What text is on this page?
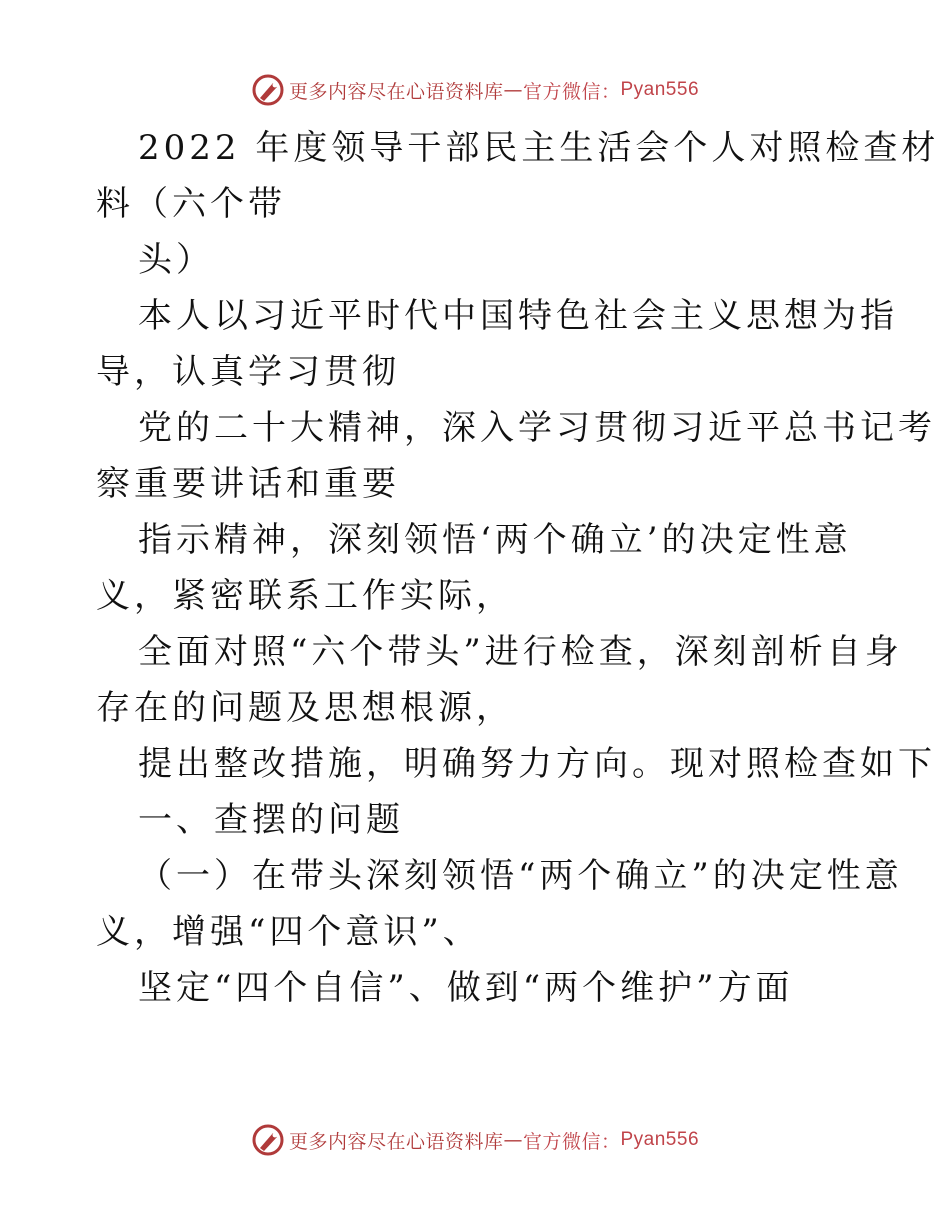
更多内容尽在心语资料库 — 官方微信： Pyan556
2022 年度领导干部民主生活会个人对照检查材
料（六个带
头）
本人以习近平时代中国特色社会主义思想为指
导，认真学习贯彻
党的二十大精神，深入学习贯彻习近平总书记考
察重要讲话和重要
指示精神，深刻领悟‘两个确立’的决定性意
义，紧密联系工作实际，
全面对照“六个带头”进行检查，深刻剖析自身
存在的问题及思想根源，
提出整改措施，明确努力方向。现对照检查如下
一、查摆的问题
（一）在带头深刻领悟“两个确立”的决定性意
义，增强“四个意识”、
坚定“四个自信”、做到“两个维护”方面
更多内容尽在心语资料库 — 官方微信： Pyan556
